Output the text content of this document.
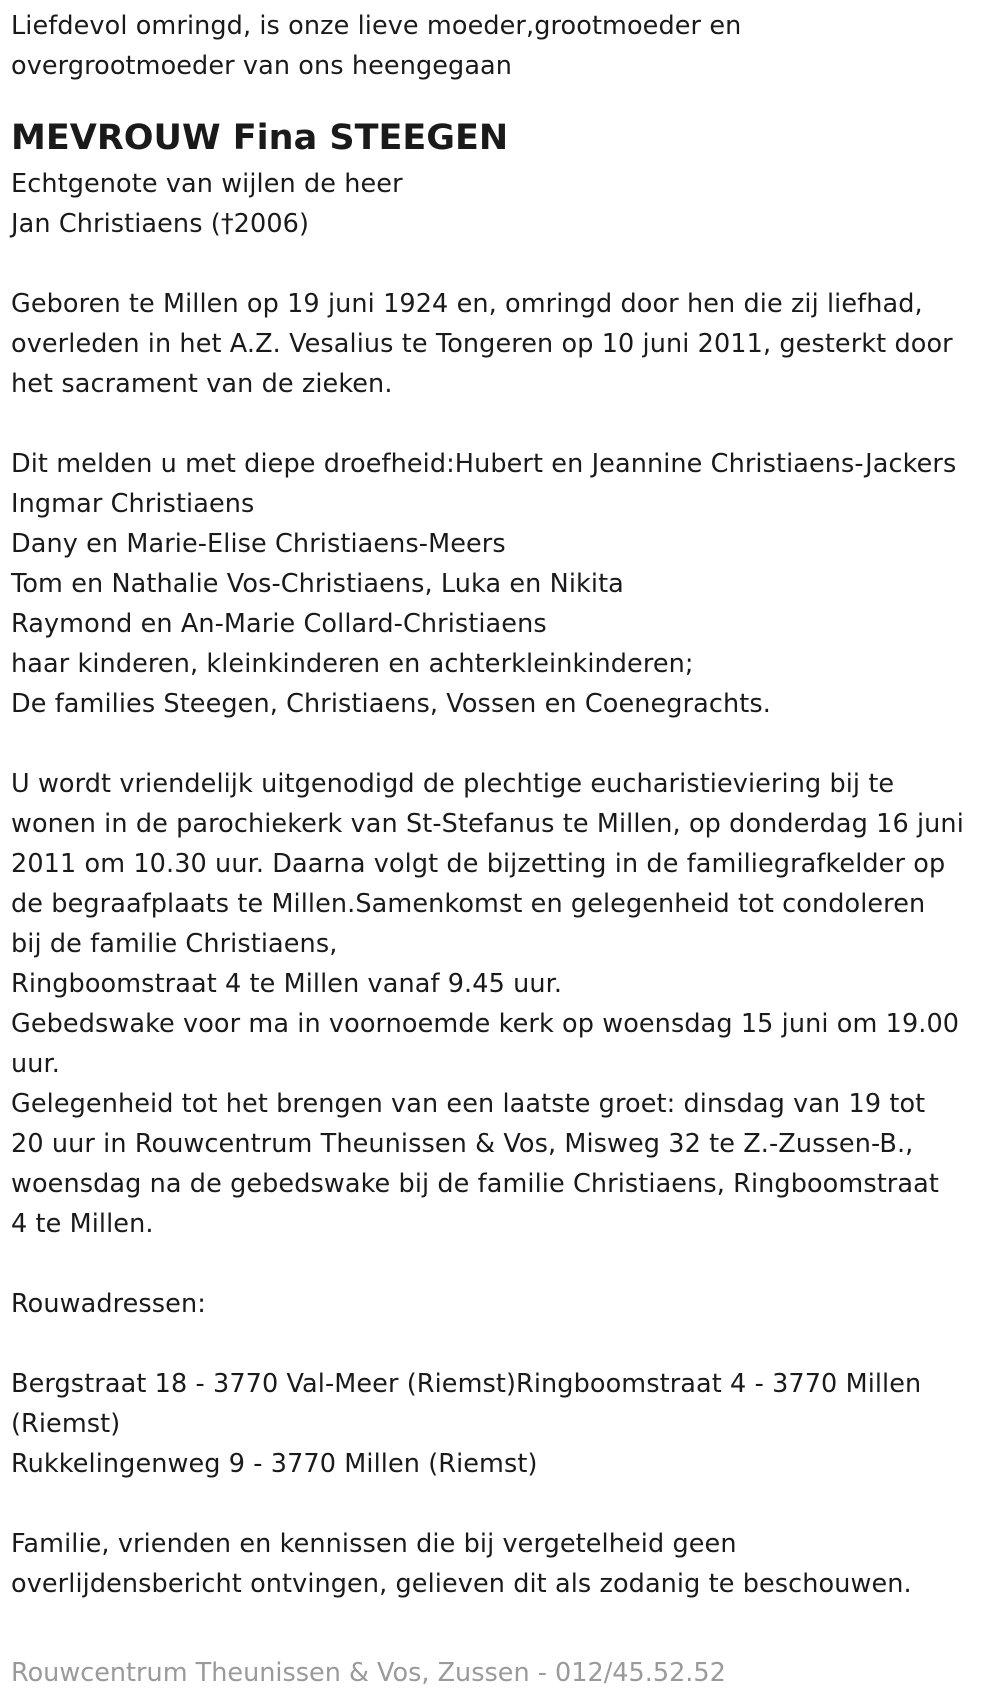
Liefdevol omringd, is onze lieve moeder,grootmoeder en
overgrootmoeder van ons heengegaan
MEVROUW Fina STEEGEN
Echtgenote van wijlen de heer
Jan Christiaens (†2006)
Geboren te Millen op 19 juni 1924 en, omringd door hen die zij liefhad,
overleden in het A.Z. Vesalius te Tongeren op 10 juni 2011, gesterkt door
het sacrament van de zieken.
Dit melden u met diepe droefheid:Hubert en Jeannine Christiaens-Jackers
Ingmar Christiaens
Dany en Marie-Elise Christiaens-Meers
Tom en Nathalie Vos-Christiaens, Luka en Nikita
Raymond en An-Marie Collard-Christiaens
haar kinderen, kleinkinderen en achterkleinkinderen;
De families Steegen, Christiaens, Vossen en Coenegrachts.
U wordt vriendelijk uitgenodigd de plechtige eucharistieviering bij te
wonen in de parochiekerk van St-Stefanus te Millen, op donderdag 16 juni
2011 om 10.30 uur. Daarna volgt de bijzetting in de familiegrafkelder op
de begraafplaats te Millen.Samenkomst en gelegenheid tot condoleren
bij de familie Christiaens,
Ringboomstraat 4 te Millen vanaf 9.45 uur.
Gebedswake voor ma in voornoemde kerk op woensdag 15 juni om 19.00
uur.
Gelegenheid tot het brengen van een laatste groet: dinsdag van 19 tot
20 uur in Rouwcentrum Theunissen & Vos, Misweg 32 te Z.-Zussen-B.,
woensdag na de gebedswake bij de familie Christiaens, Ringboomstraat
4 te Millen.
Rouwadressen:
Bergstraat 18 - 3770 Val-Meer (Riemst)Ringboomstraat 4 - 3770 Millen
(Riemst)
Rukkelingenweg 9 - 3770 Millen (Riemst)
Familie, vrienden en kennissen die bij vergetelheid geen
overlijdensbericht ontvingen, gelieven dit als zodanig te beschouwen.
Rouwcentrum Theunissen & Vos, Zussen - 012/45.52.52
